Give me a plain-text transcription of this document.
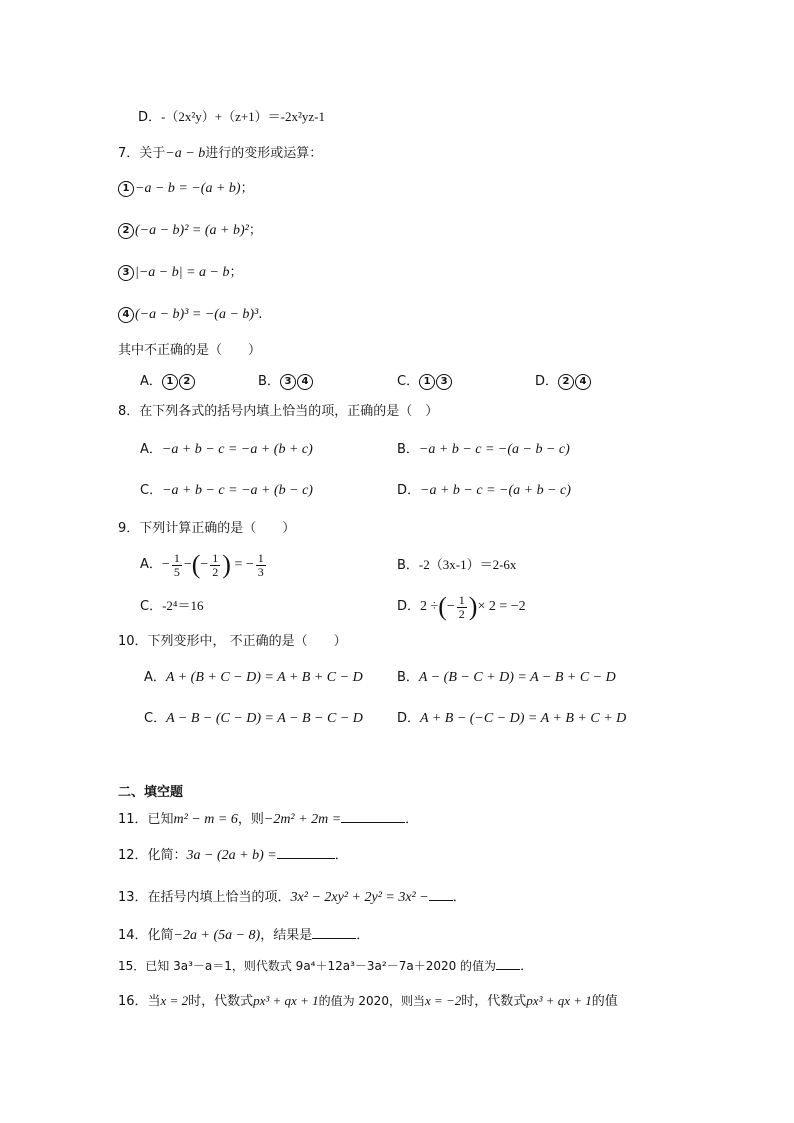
D．-（2x²y）+（z+1）＝-2x²yz-1
7．关于−a − b进行的变形或运算：
1 −a − b = −(a + b)；
2 (−a − b)² = (a + b)²；
3 |−a − b| = a − b；
4 (−a − b)³ = −(a − b)³.
其中不正确的是（　　）
A． 1 2	B． 3 4	C． 1 3	D． 2 4
8．在下列各式的括号内填上恰当的项，正确的是（　）
A．−a + b − c = −a + (b + c)	B．−a + b − c = −(a − b − c)
C．−a + b − c = −a + (b − c)	D．−a + b − c = −(a + b − c)
9．下列计算正确的是（　　）
A． − $\frac{1}{5}$ − ( − $\frac{1}{2}$ ) = − $\frac{1}{3}$	B．-2（3x-1）＝2-6x
C．-2⁴＝16	D． 2 ÷ ( − $\frac{1}{2}$ ) × 2 = −2
10．下列变形中， 不正确的是（　　）
A．A + (B + C − D) = A + B + C − D	B．A − (B − C + D) = A − B + C − D
C．A − B − (C − D) = A − B − C − D	D．A + B − (−C − D) = A + B + C + D
二、填空题
11．已知m² − m = 6，则−2m² + 2m =	．
12．化简：3a − (2a + b) =	．
13．在括号内填上恰当的项．3x² − 2xy² + 2y² = 3x² − ．
14．化简−2a + (5a − 8)，结果是	．
15．已知 3a³－a＝1，则代数式 9a⁴＋12a³－3a²－7a＋2020 的值为 ．
16．当x = 2时，代数式px³ + qx + 1的值为 2020，则当x = −2时，代数式px³ + qx + 1的值
